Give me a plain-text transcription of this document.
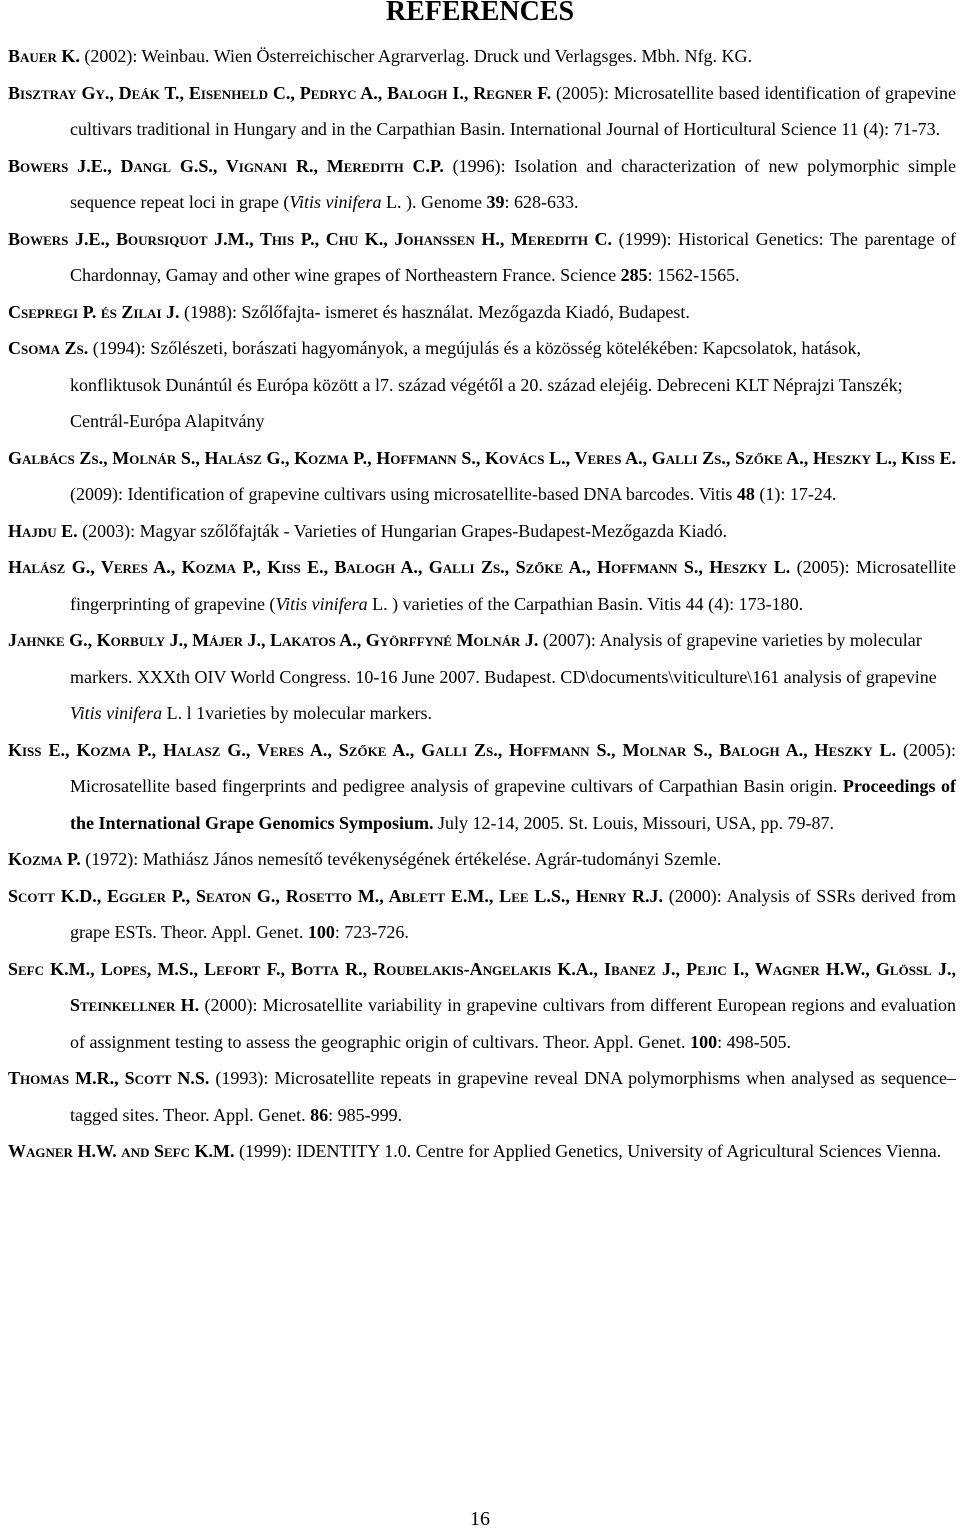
REFERENCES

Bauer K. (2002): Weinbau. Wien Österreichischer Agrarverlag. Druck und Verlagsges. Mbh. Nfg. KG.

Bisztray Gy., Deák T., Eisenheld C., Pedryc A., Balogh I., Regner F. (2005): Microsatellite based identification of grapevine cultivars traditional in Hungary and in the Carpathian Basin. International Journal of Horticultural Science 11 (4): 71-73.

Bowers J.E., Dangl G.S., Vignani R., Meredith C.P. (1996): Isolation and characterization of new polymorphic simple sequence repeat loci in grape (Vitis vinifera L. ). Genome 39: 628-633.

Bowers J.E., Boursiquot J.M., This P., Chu K., Johanssen H., Meredith C. (1999): Historical Genetics: The parentage of Chardonnay, Gamay and other wine grapes of Northeastern France. Science 285: 1562-1565.

Csepregi P. és Zilai J. (1988): Szőlőfajta- ismeret és használat. Mezőgazda Kiadó, Budapest.

Csoma Zs. (1994): Szőlészeti, borászati hagyományok, a megújulás és a közösség kötelékében: Kapcsolatok, hatások, konfliktusok Dunántúl és Európa között a l7. század végétől a 20. század elejéig. Debreceni KLT Néprajzi Tanszék; Centrál-Európa Alapitvány

Galbács Zs., Molnár S., Halász G., Kozma P., Hoffmann S., Kovács L., Veres A., Galli Zs., Szőke A., Heszky L., Kiss E. (2009): Identification of grapevine cultivars using microsatellite-based DNA barcodes. Vitis 48 (1): 17-24.

Hajdu E. (2003): Magyar szőlőfajták - Varieties of Hungarian Grapes-Budapest-Mezőgazda Kiadó.

Halász G., Veres A., Kozma P., Kiss E., Balogh A., Galli Zs., Szőke A., Hoffmann S., Heszky L. (2005): Microsatellite fingerprinting of grapevine (Vitis vinifera L. ) varieties of the Carpathian Basin. Vitis 44 (4): 173-180.

Jahnke G., Korbuly J., Májer J., Lakatos A., Györffyné Molnár J. (2007): Analysis of grapevine varieties by molecular markers. XXXth OIV World Congress. 10-16 June 2007. Budapest. CD\documents\viticulture\161 analysis of grapevine Vitis vinifera L. l 1varieties by molecular markers.

Kiss E., Kozma P., Halasz G., Veres A., Szőke A., Galli Zs., Hoffmann S., Molnar S., Balogh A., Heszky L. (2005): Microsatellite based fingerprints and pedigree analysis of grapevine cultivars of Carpathian Basin origin. Proceedings of the International Grape Genomics Symposium. July 12-14, 2005. St. Louis, Missouri, USA, pp. 79-87.

Kozma P. (1972): Mathiász János nemesítő tevékenységének értékelése. Agrár-tudományi Szemle.

Scott K.D., Eggler P., Seaton G., Rosetto M., Ablett E.M., Lee L.S., Henry R.J. (2000): Analysis of SSRs derived from grape ESTs. Theor. Appl. Genet. 100: 723-726.

Sefc K.M., Lopes, M.S., Lefort F., Botta R., Roubelakis-Angelakis K.A., Ibanez J., Pejic I., Wagner H.W., Glössl J., Steinkellner H. (2000): Microsatellite variability in grapevine cultivars from different European regions and evaluation of assignment testing to assess the geographic origin of cultivars. Theor. Appl. Genet. 100: 498-505.

Thomas M.R., Scott N.S. (1993): Microsatellite repeats in grapevine reveal DNA polymorphisms when analysed as sequence–tagged sites. Theor. Appl. Genet. 86: 985-999.

Wagner H.W. and Sefc K.M. (1999): IDENTITY 1.0. Centre for Applied Genetics, University of Agricultural Sciences Vienna.

16
